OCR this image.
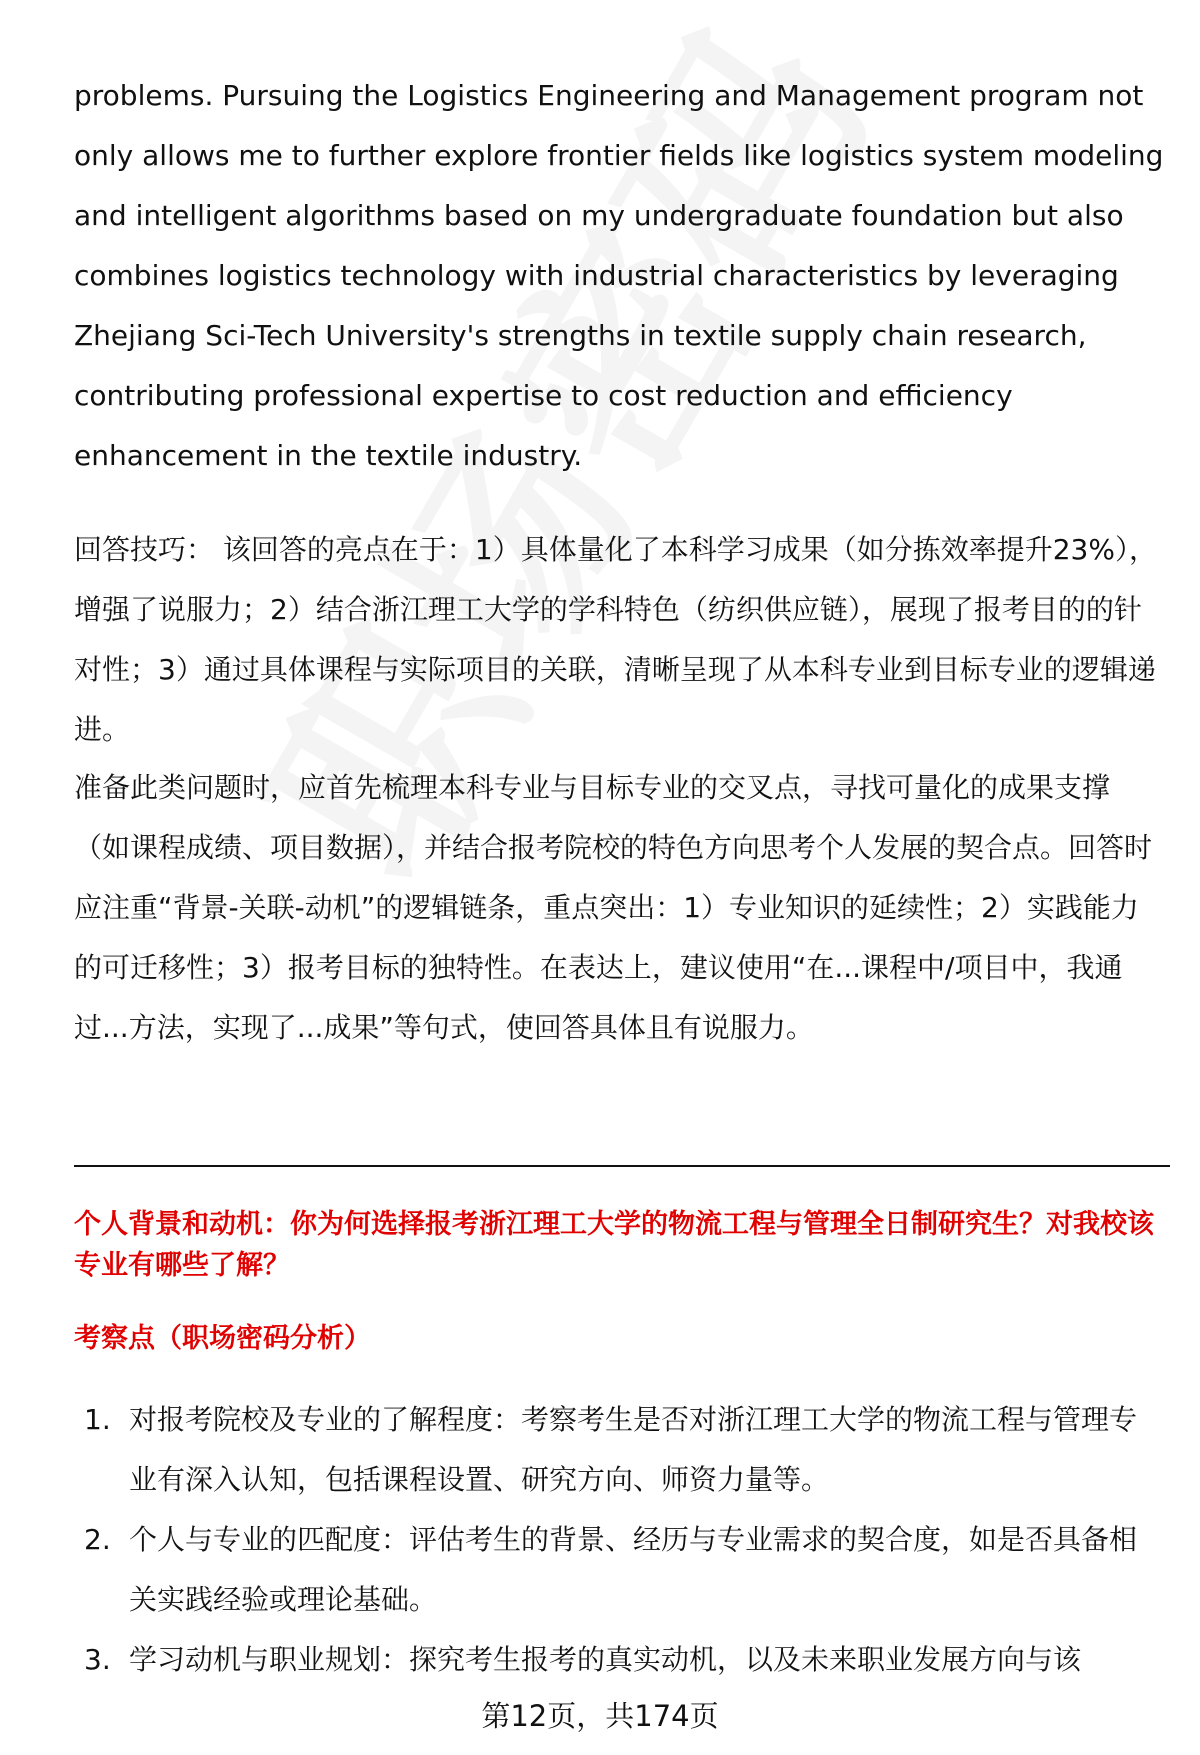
problems. Pursuing the Logistics Engineering and Management program not only allows me to further explore frontier fields like logistics system modeling and intelligent algorithms based on my undergraduate foundation but also combines logistics technology with industrial characteristics by leveraging Zhejiang Sci-Tech University's strengths in textile supply chain research, contributing professional expertise to cost reduction and efficiency enhancement in the textile industry.
回答技巧： 该回答的亮点在于：1）具体量化了本科学习成果（如分拣效率提升23%），增强了说服力；2）结合浙江理工大学的学科特色（纺织供应链），展现了报考目的的针对性；3）通过具体课程与实际项目的关联，清晰呈现了从本科专业到目标专业的逻辑递进。
准备此类问题时，应首先梳理本科专业与目标专业的交叉点，寻找可量化的成果支撑（如课程成绩、项目数据），并结合报考院校的特色方向思考个人发展的契合点。回答时应注重“背景-关联-动机”的逻辑链条，重点突出：1）专业知识的延续性；2）实践能力的可迁移性；3）报考目标的独特性。在表达上，建议使用“在...课程中/项目中，我通过...方法，实现了...成果”等句式，使回答具体且有说服力。
个人背景和动机：你为何选择报考浙江理工大学的物流工程与管理全日制研究生？对我校该专业有哪些了解？
考察点（职场密码分析）
1. 对报考院校及专业的了解程度：考察考生是否对浙江理工大学的物流工程与管理专业有深入认知，包括课程设置、研究方向、师资力量等。
2. 个人与专业的匹配度：评估考生的背景、经历与专业需求的契合度，如是否具备相关实践经验或理论基础。
3. 学习动机与职业规划：探究考生报考的真实动机，以及未来职业发展方向与该
第12页，共174页
